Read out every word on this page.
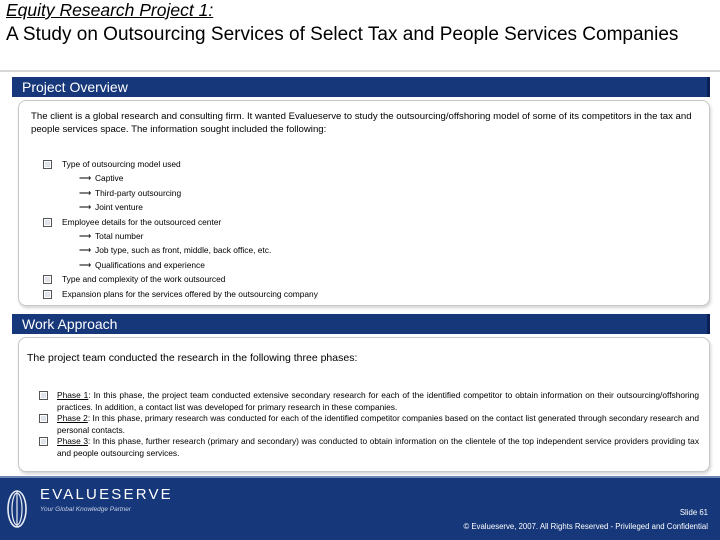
Equity Research Project 1:
A Study on Outsourcing Services of Select Tax and People Services Companies
Project Overview
The client is a global research and consulting firm. It wanted Evalueserve to study the outsourcing/offshoring model of some of its competitors in the tax and people services space. The information sought included the following:
Type of outsourcing model used
⟶ Captive
⟶ Third-party outsourcing
⟶ Joint venture
Employee details for the outsourced center
⟶ Total number
⟶ Job type, such as front, middle, back office, etc.
⟶ Qualifications and experience
Type and complexity of the work outsourced
Expansion plans for the services offered by the outsourcing company
Work Approach
The project team conducted the research in the following three phases:
Phase 1: In this phase, the project team conducted extensive secondary research for each of the identified competitor to obtain information on their outsourcing/offshoring practices. In addition, a contact list was developed for primary research in these companies.
Phase 2: In this phase, primary research was conducted for each of the identified competitor companies based on the contact list generated through secondary research and personal contacts.
Phase 3: In this phase, further research (primary and secondary) was conducted to obtain information on the clientele of the top independent service providers providing tax and people outsourcing services.
EVALUESERVE
Your Global Knowledge Partner	Slide 61
© Evalueserve, 2007. All Rights Reserved - Privileged and Confidential
